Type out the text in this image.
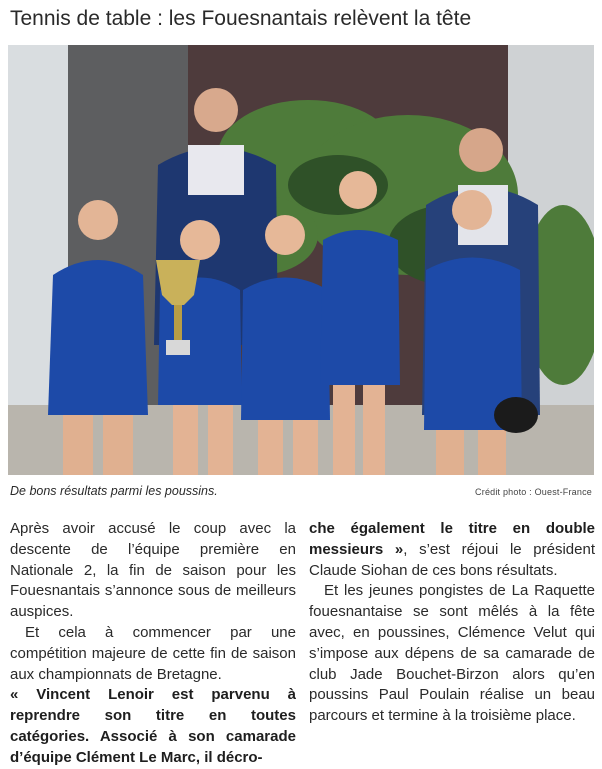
Tennis de table : les Fouesnantais relèvent la tête
De bons résultats parmi les poussins.	Crédit photo : Ouest-France

Après avoir accusé le coup avec la descente de l’équipe première en Nationale 2, la fin de saison pour les Fouesnantais s’annonce sous de meilleurs auspices.

Et cela à commencer par une compétition majeure de cette fin de saison aux championnats de Bretagne.

« Vincent Lenoir est parvenu à reprendre son titre en toutes catégories. Associé à son camarade d’équipe Clément Le Marc, il décro-

che également le titre en double messieurs », s’est réjoui le président Claude Siohan de ces bons résultats.

Et les jeunes pongistes de La Raquette fouesnantaise se sont mêlés à la fête avec, en poussines, Clémence Velut qui s’impose aux dépens de sa camarade de club Jade Bouchet-Birzon alors qu’en poussins Paul Poulain réalise un beau parcours et termine à la troisième place.
